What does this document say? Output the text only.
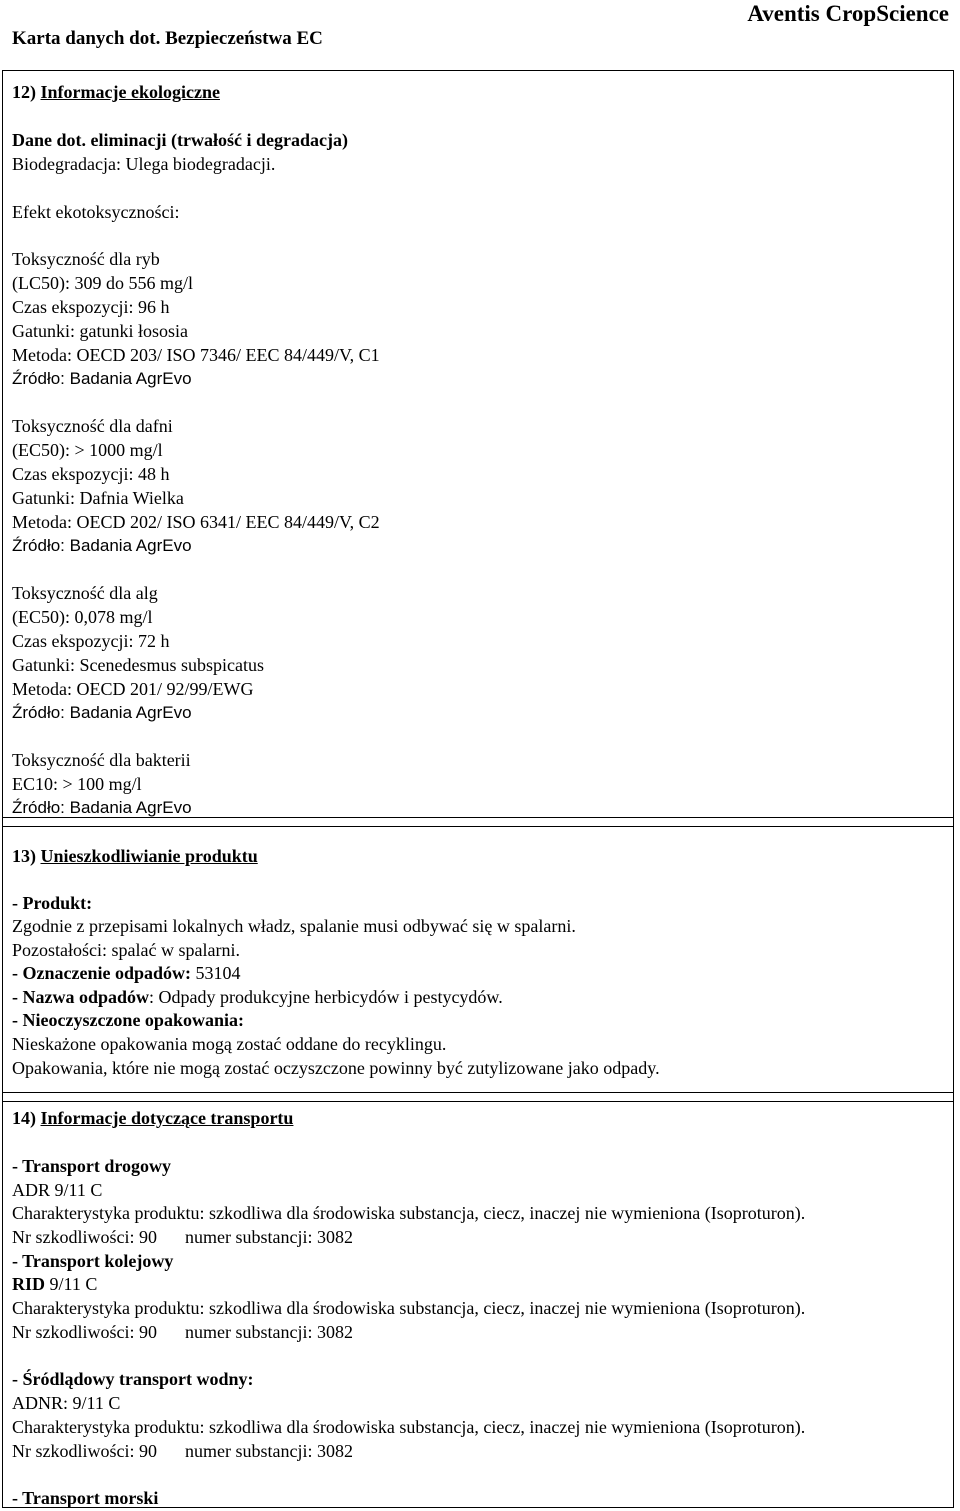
Karta danych dot. Bezpieczeństwa EC
Aventis CropScience
12) Informacje ekologiczne
Dane dot. eliminacji (trwałość i degradacja)
Biodegradacja: Ulega biodegradacji.
Efekt ekotoksyczności:
Toksyczność dla ryb
(LC50): 309 do 556 mg/l
Czas ekspozycji: 96 h
Gatunki: gatunki łososia
Metoda: OECD 203/ ISO 7346/ EEC 84/449/V, C1
Źródło: Badania AgrEvo
Toksyczność dla dafni
(EC50): > 1000 mg/l
Czas ekspozycji: 48 h
Gatunki: Dafnia Wielka
Metoda: OECD 202/ ISO 6341/ EEC 84/449/V, C2
Źródło: Badania AgrEvo
Toksyczność dla alg
(EC50): 0,078 mg/l
Czas ekspozycji: 72 h
Gatunki: Scenedesmus subspicatus
Metoda: OECD 201/ 92/99/EWG
Źródło: Badania AgrEvo
Toksyczność dla bakterii
EC10: > 100 mg/l
Źródło: Badania AgrEvo
13) Unieszkodliwianie produktu
- Produkt:
Zgodnie z przepisami lokalnych władz, spalanie musi odbywać się w spalarni.
Pozostałości: spalać w spalarni.
- Oznaczenie odpadów: 53104
- Nazwa odpadów: Odpady produkcyjne herbicydów i pestycydów.
- Nieoczyszczone opakowania:
Nieskażone opakowania mogą zostać oddane do recyklingu.
Opakowania, które nie mogą zostać oczyszczone powinny być zutylizowane jako odpady.
14) Informacje dotyczące transportu
- Transport drogowy
ADR 9/11 C
Charakterystyka produktu: szkodliwa dla środowiska substancja, ciecz, inaczej nie wymieniona (Isoproturon).
Nr szkodliwości: 90 numer substancji: 3082
- Transport kolejowy
RID 9/11 C
Charakterystyka produktu: szkodliwa dla środowiska substancja, ciecz, inaczej nie wymieniona (Isoproturon).
Nr szkodliwości: 90 numer substancji: 3082
- Śródlądowy transport wodny:
ADNR: 9/11 C
Charakterystyka produktu: szkodliwa dla środowiska substancja, ciecz, inaczej nie wymieniona (Isoproturon).
Nr szkodliwości: 90 numer substancji: 3082
- Transport morski
